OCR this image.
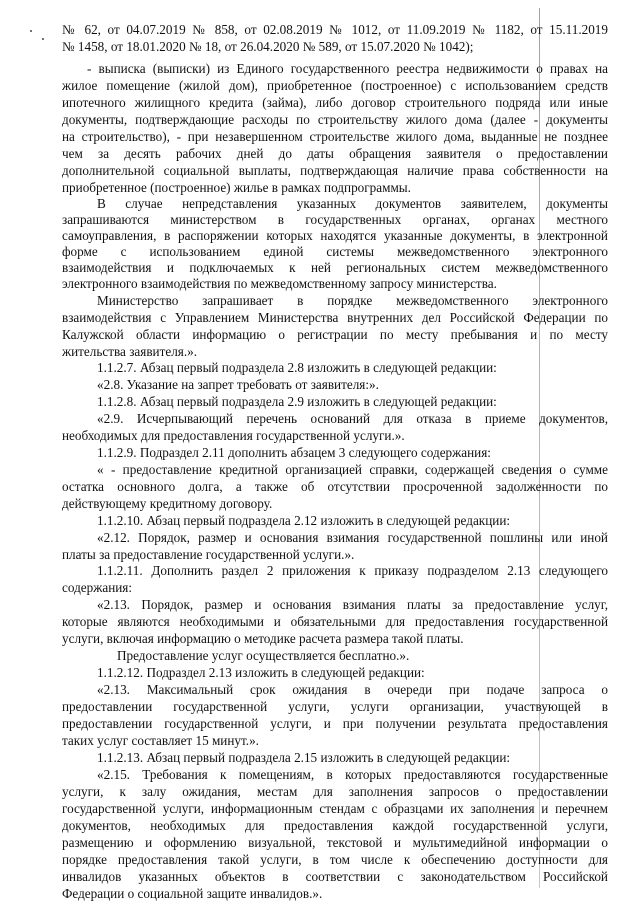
№ 62, от 04.07.2019 № 858, от 02.08.2019 № 1012, от 11.09.2019 № 1182, от 15.11.2019
№ 1458, от 18.01.2020 № 18, от 26.04.2020 № 589, от 15.07.2020 № 1042);
- выписка (выписки) из Единого государственного реестра недвижимости о правах на
жилое помещение (жилой дом), приобретенное (построенное) с использованием средств
ипотечного жилищного кредита (займа), либо договор строительного подряда или иные
документы, подтверждающие расходы по строительству жилого дома (далее - документы
на строительство), - при незавершенном строительстве жилого дома, выданные не позднее
чем за десять рабочих дней до даты обращения заявителя о предоставлении
дополнительной социальной выплаты, подтверждающая наличие права собственности на
приобретенное (построенное) жилье в рамках подпрограммы.
В случае непредставления указанных документов заявителем, документы
запрашиваются министерством в государственных органах, органах местного
самоуправления, в распоряжении которых находятся указанные документы, в электронной
форме с использованием единой системы межведомственного электронного
взаимодействия и подключаемых к ней региональных систем межведомственного
электронного взаимодействия по межведомственному запросу министерства.
Министерство запрашивает в порядке межведомственного электронного
взаимодействия с Управлением Министерства внутренних дел Российской Федерации по
Калужской области информацию о регистрации по месту пребывания и по месту
жительства заявителя.».
1.1.2.7. Абзац первый подраздела 2.8 изложить в следующей редакции:
«2.8. Указание на запрет требовать от заявителя:».
1.1.2.8. Абзац первый подраздела 2.9 изложить в следующей редакции:
«2.9. Исчерпывающий перечень оснований для отказа в приеме документов,
необходимых для предоставления государственной услуги.».
1.1.2.9. Подраздел 2.11 дополнить абзацем 3 следующего содержания:
« - предоставление кредитной организацией справки, содержащей сведения о сумме
остатка основного долга, а также об отсутствии просроченной задолженности по
действующему кредитному договору.
1.1.2.10. Абзац первый подраздела 2.12 изложить в следующей редакции:
«2.12. Порядок, размер и основания взимания государственной пошлины или иной
платы за предоставление государственной услуги.».
1.1.2.11. Дополнить раздел 2 приложения к приказу подразделом 2.13 следующего
содержания:
«2.13. Порядок, размер и основания взимания платы за предоставление услуг,
которые являются необходимыми и обязательными для предоставления государственной
услуги, включая информацию о методике расчета размера такой платы.
Предоставление услуг осуществляется бесплатно.».
1.1.2.12. Подраздел 2.13 изложить в следующей редакции:
«2.13. Максимальный срок ожидания в очереди при подаче запроса о
предоставлении государственной услуги, услуги организации, участвующей в
предоставлении государственной услуги, и при получении результата предоставления
таких услуг составляет 15 минут.».
1.1.2.13. Абзац первый подраздела 2.15 изложить в следующей редакции:
«2.15. Требования к помещениям, в которых предоставляются государственные
услуги, к залу ожидания, местам для заполнения запросов о предоставлении
государственной услуги, информационным стендам с образцами их заполнения и перечнем
документов, необходимых для предоставления каждой государственной услуги,
размещению и оформлению визуальной, текстовой и мультимедийной информации о
порядке предоставления такой услуги, в том числе к обеспечению доступности для
инвалидов указанных объектов в соответствии с законодательством Российской
Федерации о социальной защите инвалидов.».
